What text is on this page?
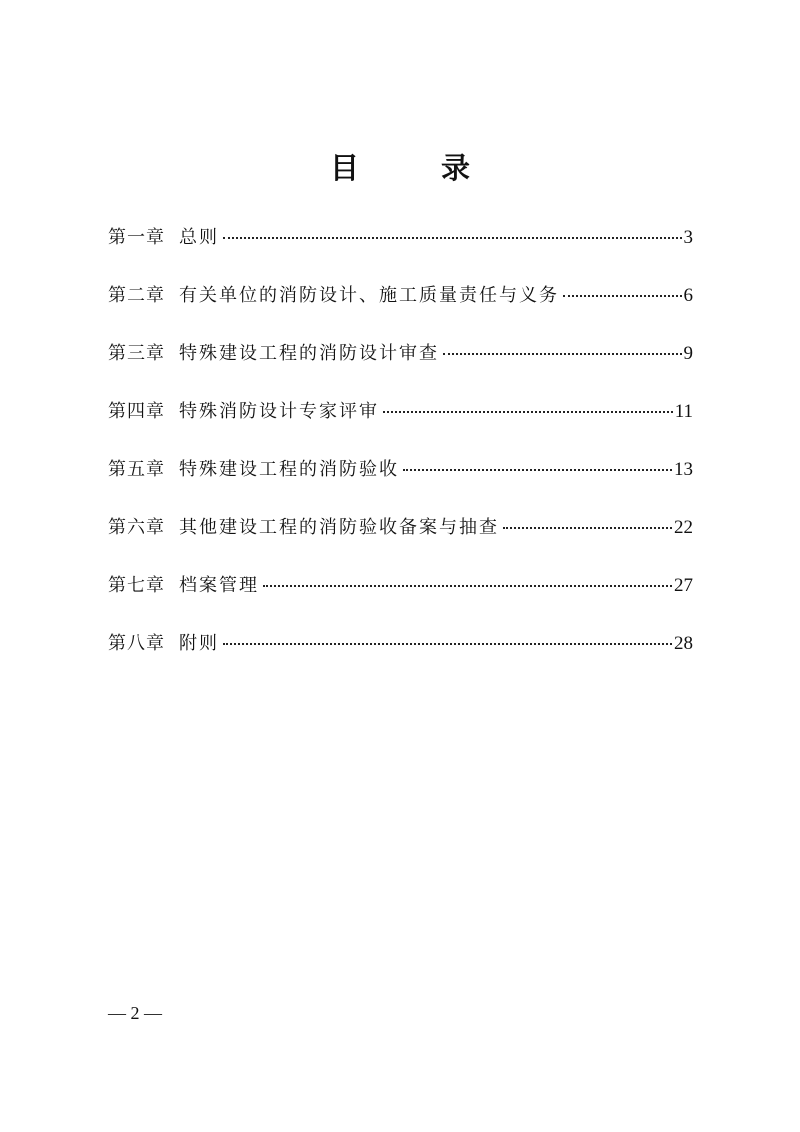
目 录
第一章 总则	3
第二章 有关单位的消防设计、施工质量责任与义务	6
第三章 特殊建设工程的消防设计审查	9
第四章 特殊消防设计专家评审	11
第五章 特殊建设工程的消防验收	13
第六章 其他建设工程的消防验收备案与抽查	22
第七章 档案管理	27
第八章 附则	28
— 2 —
